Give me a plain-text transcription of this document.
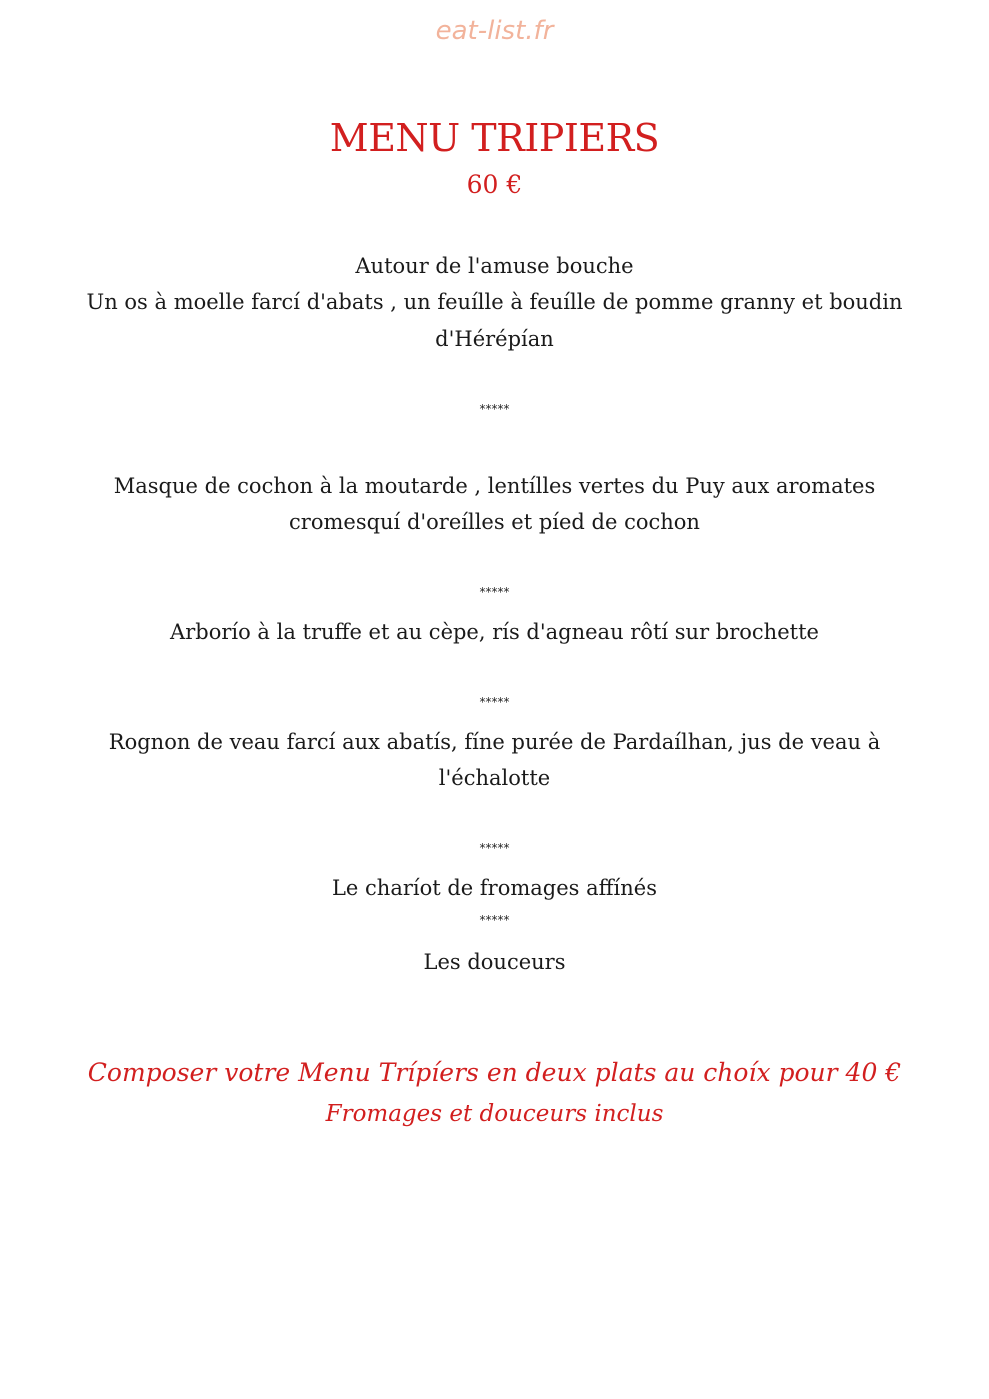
eat-list.fr
MENU TRIPIERS
60 €
Autour de l'amuse bouche
Un os à moelle farcí d'abats , un feuílle à feuílle de pomme granny et boudin
d'Hérépían
*****
Masque de cochon à la moutarde , lentílles vertes du Puy aux aromates
cromesquí d'oreílles et píed de cochon
*****
Arborío à la truffe et au cèpe, rís d'agneau rôtí sur brochette
*****
Rognon de veau farcí aux abatís, fíne purée de Pardaílhan, jus de veau à
l'échalotte
*****
Le charíot de fromages affínés
*****
Les douceurs
Composer votre Menu Trípíers en deux plats au choíx pour 40 €
Fromages et douceurs inclus
